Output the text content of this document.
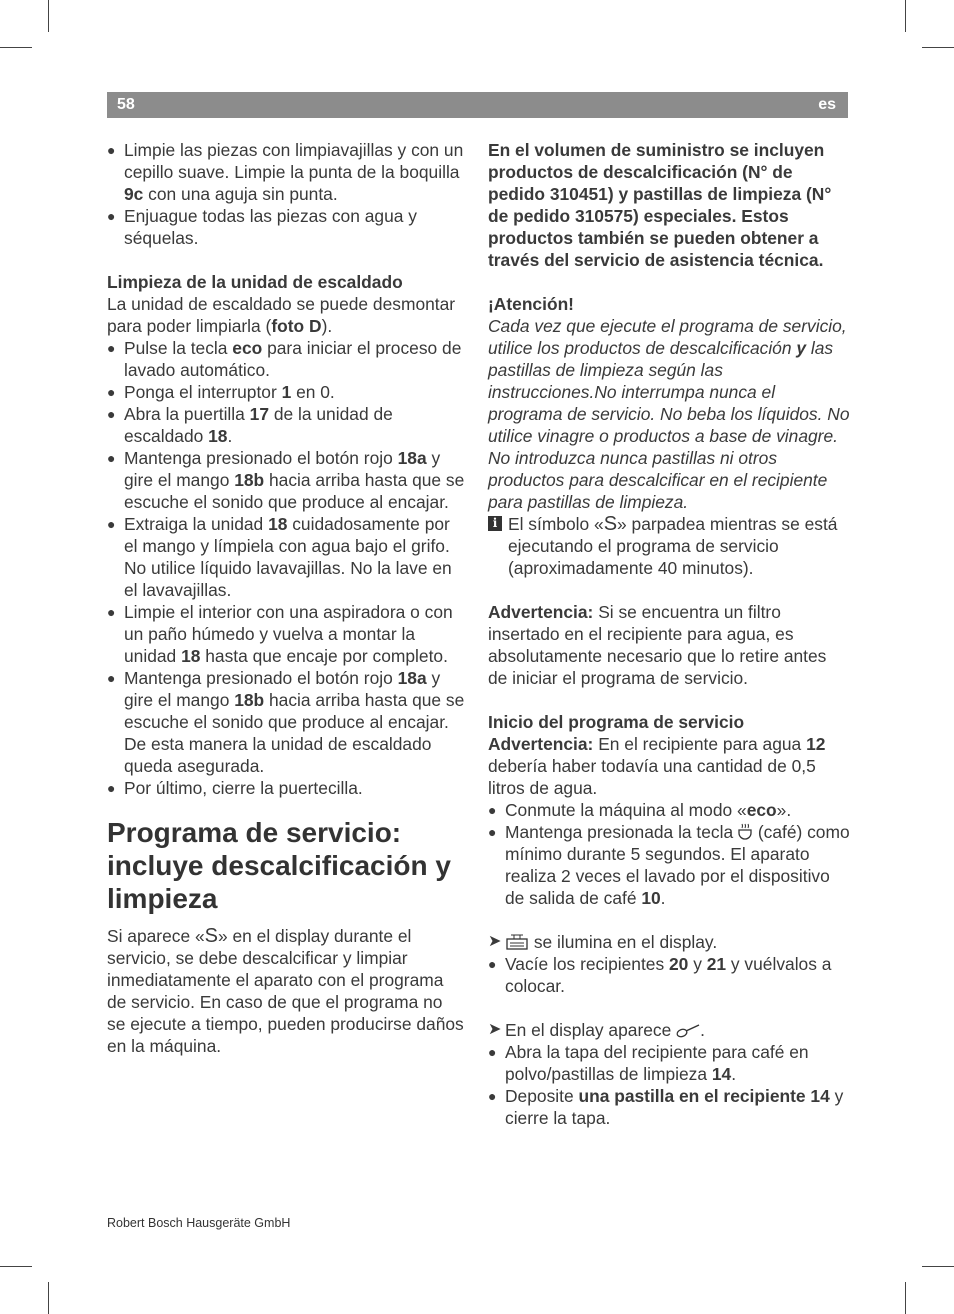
58	es

● Limpie las piezas con limpiavajillas y con un cepillo suave. Limpie la punta de la boquilla 9c con una aguja sin punta.

● Enjuague todas las piezas con agua y séquelas.

Limpieza de la unidad de escaldado

La unidad de escaldado se puede desmontar para poder limpiarla (foto D).

● Pulse la tecla eco para iniciar el proceso de lavado automático.

● Ponga el interruptor 1 en 0.

● Abra la puertilla 17 de la unidad de escaldado 18.

● Mantenga presionado el botón rojo 18a y gire el mango 18b hacia arriba hasta que se escuche el sonido que produce al encajar.

● Extraiga la unidad 18 cuidadosamente por el mango y límpiela con agua bajo el grifo. No utilice líquido lavavajillas. No la lave en el lavavajillas.

● Limpie el interior con una aspiradora o con un paño húmedo y vuelva a montar la unidad 18 hasta que encaje por completo.

● Mantenga presionado el botón rojo 18a y gire el mango 18b hacia arriba hasta que se escuche el sonido que produce al encajar. De esta manera la unidad de escaldado queda asegurada.

● Por último, cierre la puertecilla.

Programa de servicio: incluye descalcificación y limpieza

Si aparece «S» en el display durante el servicio, se debe descalcificar y limpiar inmediatamente el aparato con el programa de servicio. En caso de que el programa no se ejecute a tiempo, pueden producirse daños en la máquina.

En el volumen de suministro se incluyen productos de descalcificación (N° de pedido 310451) y pastillas de limpieza (N° de pedido 310575) especiales. Estos productos también se pueden obtener a través del servicio de asistencia técnica.

¡Atención!

Cada vez que ejecute el programa de servicio, utilice los productos de descalcificación y las pastillas de limpieza según las instrucciones.No interrumpa nunca el programa de servicio. No beba los líquidos. No utilice vinagre o productos a base de vinagre. No introduzca nunca pastillas ni otros productos para descalcificar en el recipiente para pastillas de limpieza.

i El símbolo «S» parpadea mientras se está ejecutando el programa de servicio (aproximadamente 40 minutos).

Advertencia: Si se encuentra un filtro insertado en el recipiente para agua, es absolutamente necesario que lo retire antes de iniciar el programa de servicio.

Inicio del programa de servicio

Advertencia: En el recipiente para agua 12 debería haber todavía una cantidad de 0,5 litros de agua.

● Conmute la máquina al modo «eco».

● Mantenga presionada la tecla  (café) como mínimo durante 5 segundos. El aparato realiza 2 veces el lavado por el dispositivo de salida de café 10.

➤ se ilumina en el display.

● Vacíe los recipientes 20 y 21 y vuélvalos a colocar.

➤ En el display aparece .

● Abra la tapa del recipiente para café en polvo/pastillas de limpieza 14.

● Deposite una pastilla en el recipiente 14 y cierre la tapa.

Robert Bosch Hausgeräte GmbH
